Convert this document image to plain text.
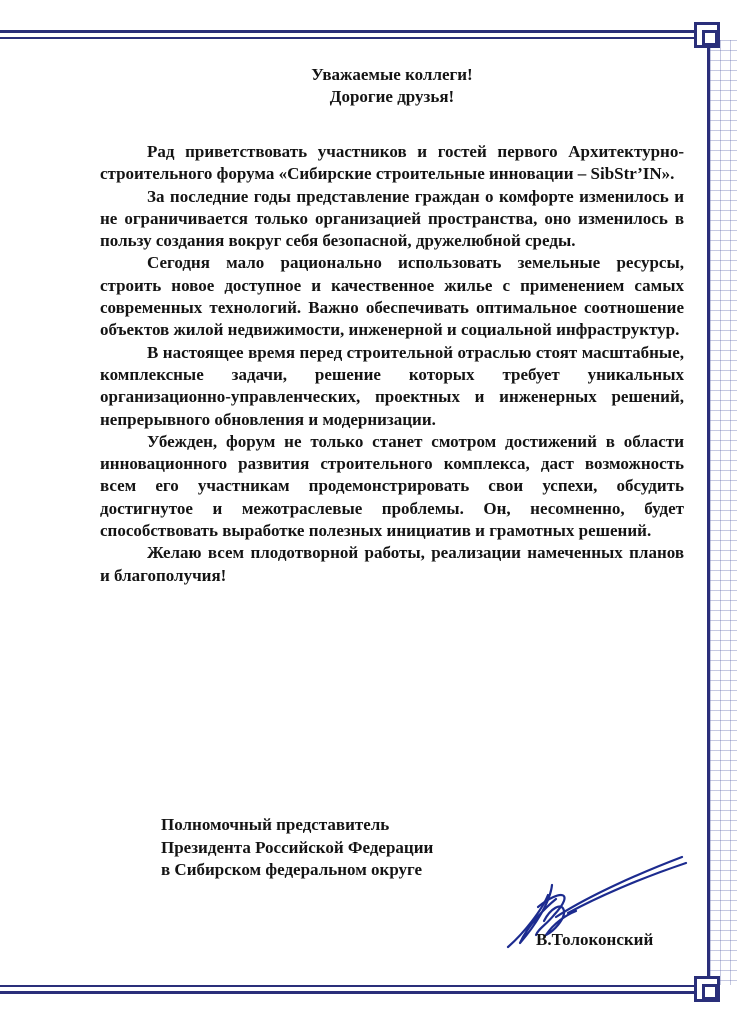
Уважаемые коллеги!
Дорогие друзья!

Рад приветствовать участников и гостей первого Архитектурно-строительного форума «Сибирские строительные инновации – SibStr’IN».

За последние годы представление граждан о комфорте изменилось и не ограничивается только организацией пространства, оно изменилось в пользу создания вокруг себя безопасной, дружелюбной среды.

Сегодня мало рационально использовать земельные ресурсы, строить новое доступное и качественное жилье с применением самых современных технологий. Важно обеспечивать оптимальное соотношение объектов жилой недвижимости, инженерной и социальной инфраструктур.

В настоящее время перед строительной отраслью стоят масштабные, комплексные задачи, решение которых требует уникальных организационно-управленческих, проектных и инженерных решений, непрерывного обновления и модернизации.

Убежден, форум не только станет смотром достижений в области инновационного развития строительного комплекса, даст возможность всем его участникам продемонстрировать свои успехи, обсудить достигнутое и межотраслевые проблемы. Он, несомненно, будет способствовать выработке полезных инициатив и грамотных решений.

Желаю всем плодотворной работы, реализации намеченных планов и благополучия!

Полномочный представитель
Президента Российской Федерации
в Сибирском федеральном округе
В.Толоконский
